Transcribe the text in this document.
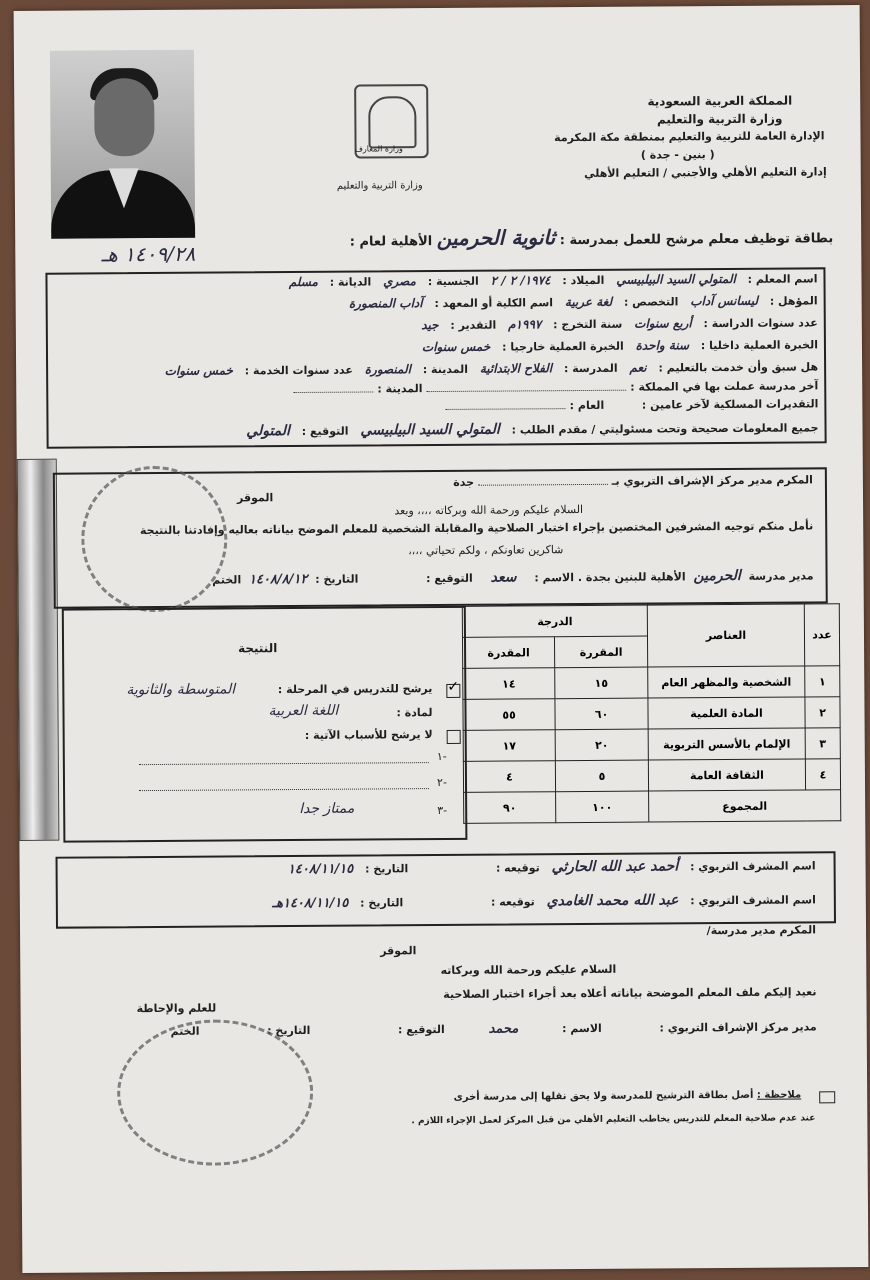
وزارة المعارف
وزارة التربية والتعليم
المملكة العربية السعودية
وزارة التربية والتعليم
الإدارة العامة للتربية والتعليم بمنطقة مكة المكرمة
( بنين - جدة )
إدارة التعليم الأهلي والأجنبي / التعليم الأهلي
بطاقة توظيف معلم مرشح للعمل بمدرسة : ثانوية الحرمين الأهلية لعام :
١٤٠٩/٢٨ هـ
اسم المعلم : المتولي السيد البيلبيسي الميلاد : ١٩٧٤/ ٢ / ٢ الجنسية : مصري الديانة : مسلم
المؤهل : ليسانس آداب التخصص : لغة عربية اسم الكلية أو المعهد : آداب المنصورة
عدد سنوات الدراسة : أربع سنوات سنة التخرج : ١٩٩٧م التقدير : جيد
الخبرة العملية داخليا : سنة واحدة الخبرة العملية خارجيا : خمس سنوات
هل سبق وأن خدمت بالتعليم : نعم المدرسة : الفلاح الابتدائية المدينة : المنصورة عدد سنوات الخدمة : خمس سنوات
آخر مدرسة عملت بها في المملكة :  المدينة :
التقديرات المسلكية لآخر عامين :  العام :
جميع المعلومات صحيحة وتحت مسئوليتي / مقدم الطلب : المتولي السيد البيلبيسي التوقيع : المتولي
المكرم مدير مركز الإشراف التربوي بـ  جدة
الموقر
السلام عليكم ورحمة الله وبركاته ،،،، وبعد
نأمل منكم توجيه المشرفين المختصين بإجراء اختبار الصلاحية والمقابلة الشخصية للمعلم الموضح بياناته بعاليه وإفادتنا بالنتيجة
شاكرين تعاونكم ، ولكم تحياتي ،،،،
مدير مدرسة الحرمين الأهلية للبنين بجدة . الاسم : سعد التوقيع :  التاريخ : ١٤٠٨/٨/١٢ الختم
عدد	العناصر	الدرجة	
		المقررة	المقدرة
١	الشخصية والمظهر العام	١٥	١٤
٢	المادة العلمية	٦٠	٥٥
٣	الإلمام بالأسس التربوية	٢٠	١٧
٤	الثقافة العامة	٥	٤
المجموع		١٠٠	٩٠
النتيجة
✓
يرشح للتدريس في المرحلة :
المتوسطة والثانوية
لمادة :
اللغة العربية
لا يرشح للأسباب الآتية :
-١
-٢
-٣
ممتاز جدا
اسم المشرف التربوي : أحمد عبد الله الحارثي توقيعه :  التاريخ : ١٤٠٨/١١/١٥
اسم المشرف التربوي : عبد الله محمد الغامدي توقيعه :  التاريخ : ١٤٠٨/١١/١٥هـ
المكرم مدير مدرسة/
الموقر
السلام عليكم ورحمة الله وبركاته
نعيد إليكم ملف المعلم الموضحة بياناته أعلاه بعد أجراء اختبار الصلاحية
للعلم والإحاطة
مدير مركز الإشراف التربوي :  الاسم : محمد التوقيع :  التاريخ :  الختم
ملاحظة : أصل بطاقة الترشيح للمدرسة ولا يحق نقلها إلى مدرسة أخرى
عند عدم صلاحية المعلم للتدريس يخاطب التعليم الأهلي من قبل المركز لعمل الإجراء اللازم .
